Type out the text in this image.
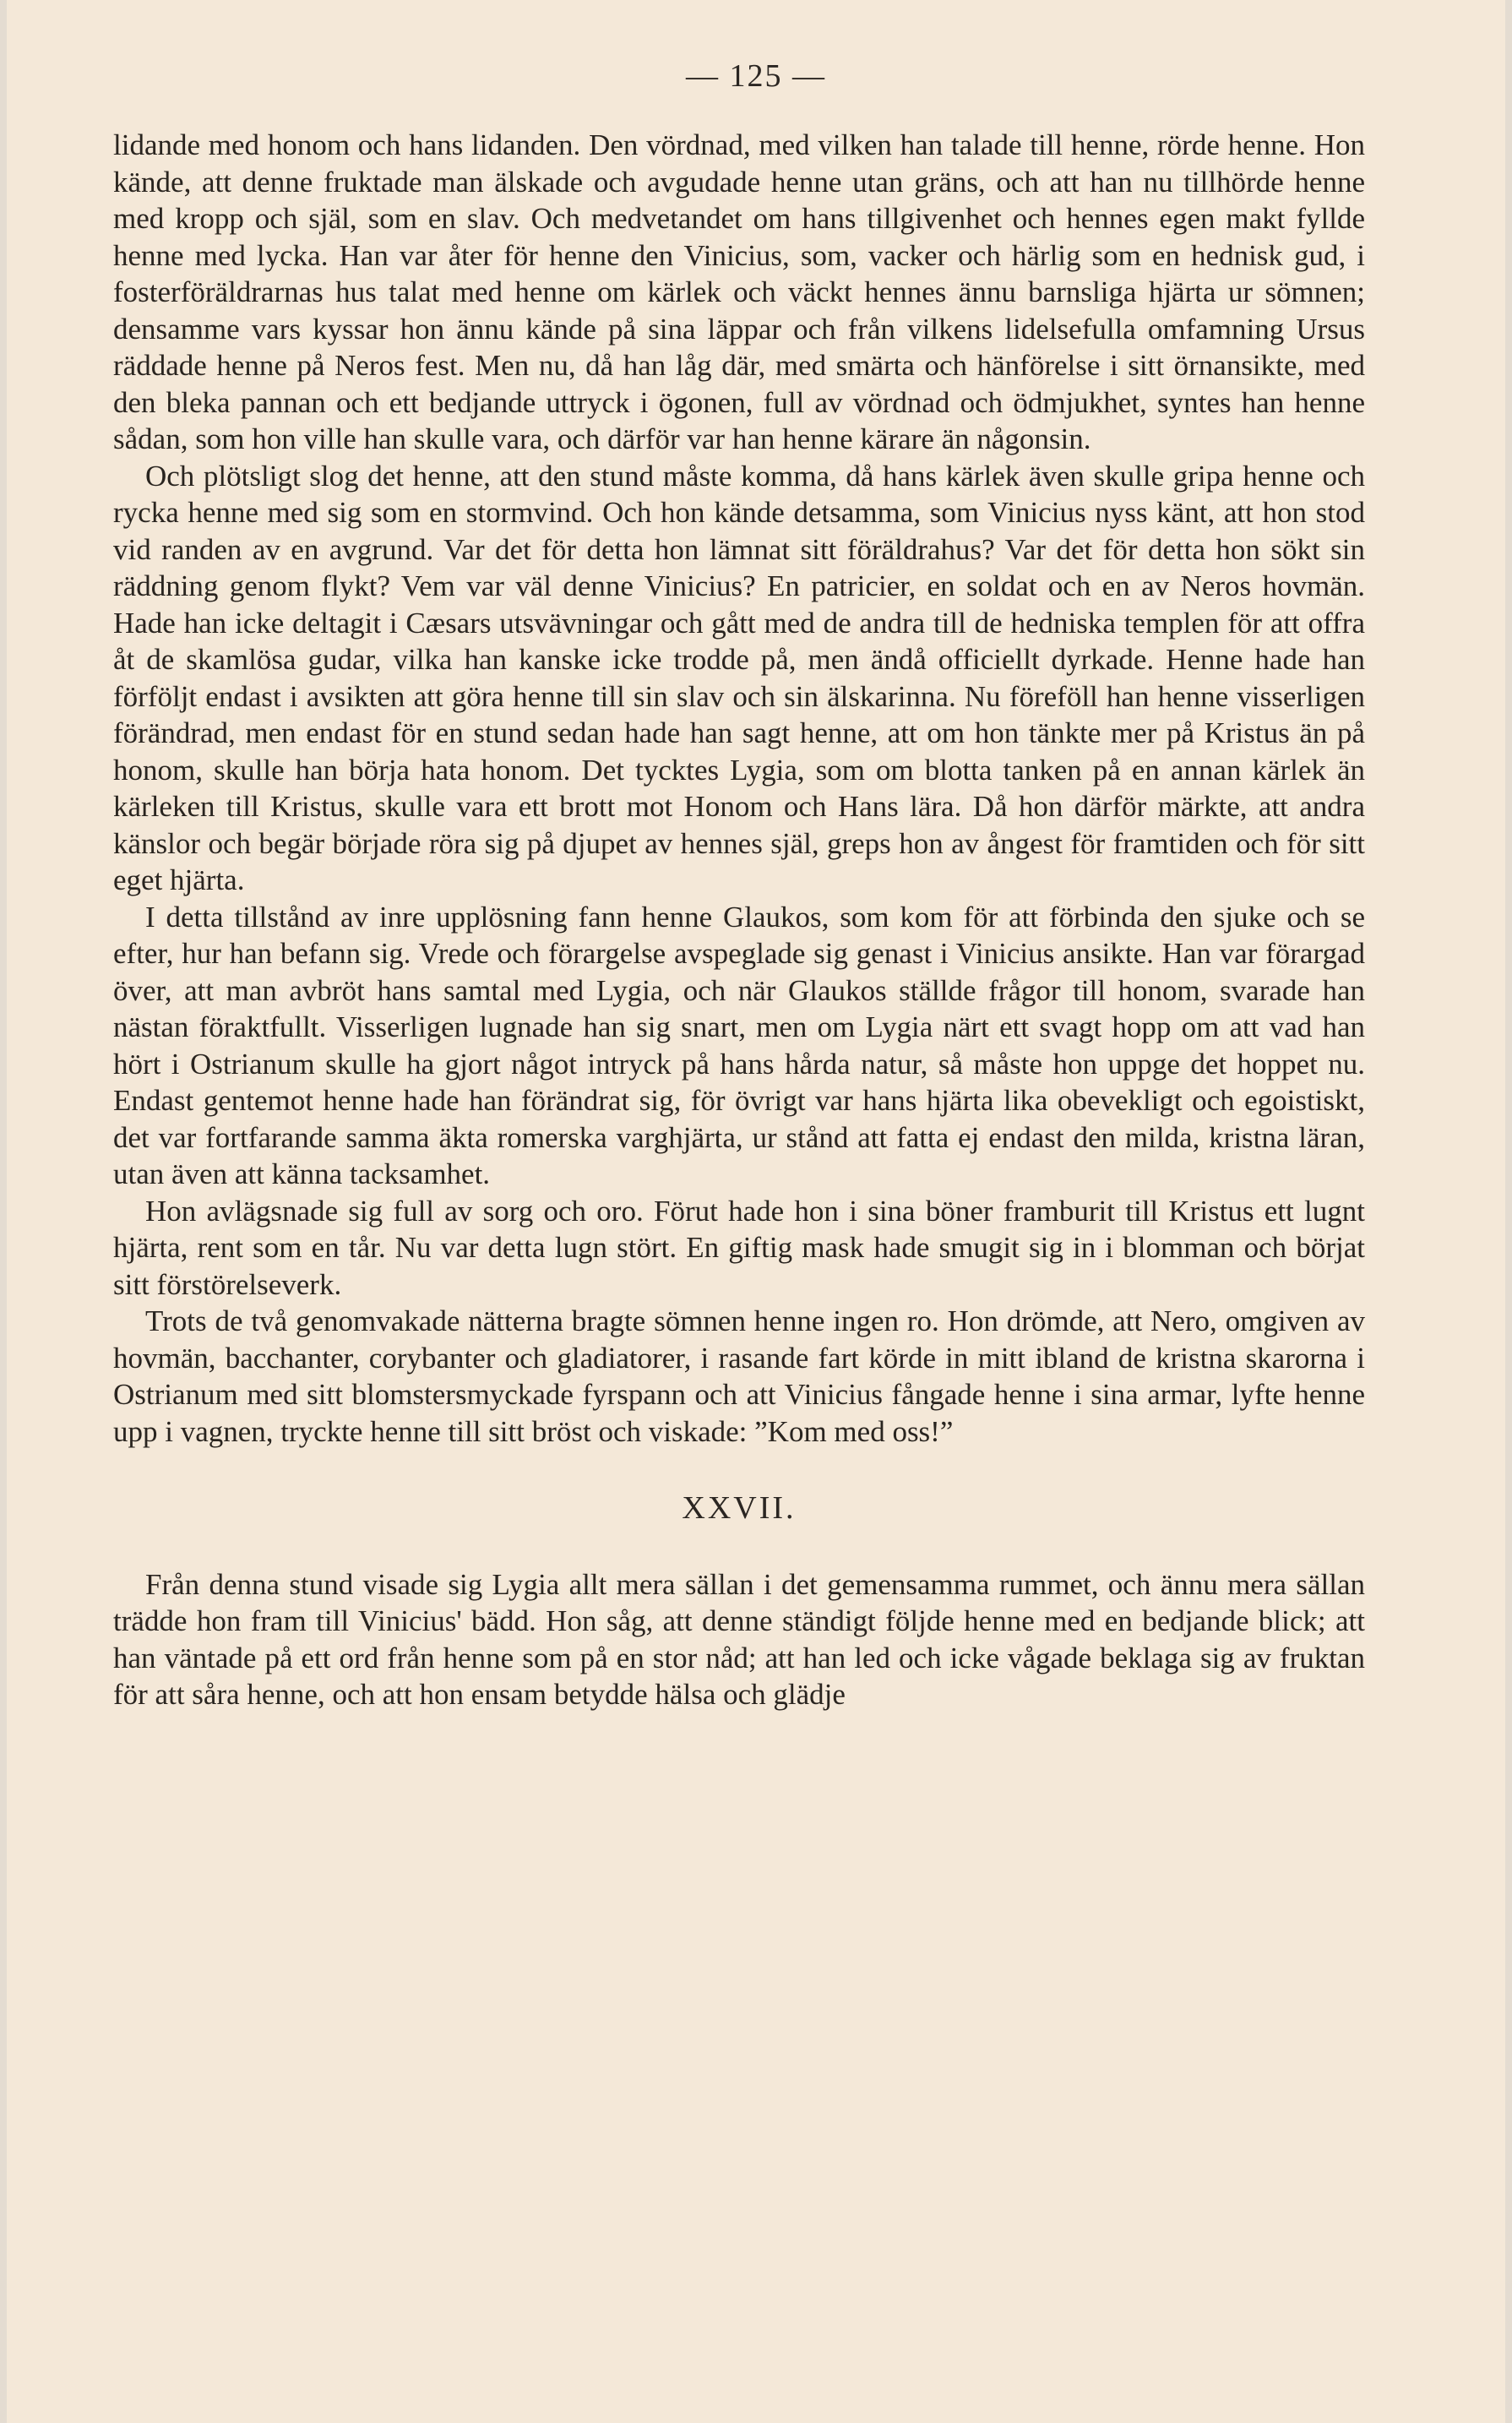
— 125 —

lidande med honom och hans lidanden. Den vördnad, med vilken han talade till henne, rörde henne. Hon kände, att denne fruktade man älskade och avgudade henne utan gräns, och att han nu tillhörde henne med kropp och själ, som en slav. Och medvetandet om hans tillgivenhet och hennes egen makt fyllde henne med lycka. Han var åter för henne den Vinicius, som, vacker och härlig som en hednisk gud, i fosterföräldrarnas hus talat med henne om kärlek och väckt hennes ännu barnsliga hjärta ur sömnen; densamme vars kyssar hon ännu kände på sina läppar och från vilkens lidelsefulla omfamning Ursus räddade henne på Neros fest. Men nu, då han låg där, med smärta och hänförelse i sitt örnansikte, med den bleka pannan och ett bedjande uttryck i ögonen, full av vördnad och ödmjukhet, syntes han henne sådan, som hon ville han skulle vara, och därför var han henne kärare än någonsin.

Och plötsligt slog det henne, att den stund måste komma, då hans kärlek även skulle gripa henne och rycka henne med sig som en stormvind. Och hon kände detsamma, som Vinicius nyss känt, att hon stod vid randen av en avgrund. Var det för detta hon lämnat sitt föräldrahus? Var det för detta hon sökt sin räddning genom flykt? Vem var väl denne Vinicius? En patricier, en soldat och en av Neros hovmän. Hade han icke deltagit i Cæsars utsvävningar och gått med de andra till de hedniska templen för att offra åt de skamlösa gudar, vilka han kanske icke trodde på, men ändå officiellt dyrkade. Henne hade han förföljt endast i avsikten att göra henne till sin slav och sin älskarinna. Nu föreföll han henne visserligen förändrad, men endast för en stund sedan hade han sagt henne, att om hon tänkte mer på Kristus än på honom, skulle han börja hata honom. Det tycktes Lygia, som om blotta tanken på en annan kärlek än kärleken till Kristus, skulle vara ett brott mot Honom och Hans lära. Då hon därför märkte, att andra känslor och begär började röra sig på djupet av hennes själ, greps hon av ångest för framtiden och för sitt eget hjärta.

I detta tillstånd av inre upplösning fann henne Glaukos, som kom för att förbinda den sjuke och se efter, hur han befann sig. Vrede och förargelse avspeglade sig genast i Vinicius ansikte. Han var förargad över, att man avbröt hans samtal med Lygia, och när Glaukos ställde frågor till honom, svarade han nästan föraktfullt. Visserligen lugnade han sig snart, men om Lygia närt ett svagt hopp om att vad han hört i Ostrianum skulle ha gjort något intryck på hans hårda natur, så måste hon uppge det hoppet nu. Endast gentemot henne hade han förändrat sig, för övrigt var hans hjärta lika obevekligt och egoistiskt, det var fortfarande samma äkta romerska varghjärta, ur stånd att fatta ej endast den milda, kristna läran, utan även att känna tacksamhet.

Hon avlägsnade sig full av sorg och oro. Förut hade hon i sina böner framburit till Kristus ett lugnt hjärta, rent som en tår. Nu var detta lugn stört. En giftig mask hade smugit sig in i blomman och börjat sitt förstörelseverk.

Trots de två genomvakade nätterna bragte sömnen henne ingen ro. Hon drömde, att Nero, omgiven av hovmän, bacchanter, corybanter och gladiatorer, i rasande fart körde in mitt ibland de kristna skarorna i Ostrianum med sitt blomstersmyckade fyrspann och att Vinicius fångade henne i sina armar, lyfte henne upp i vagnen, tryckte henne till sitt bröst och viskade: ”Kom med oss!”

XXVII.

Från denna stund visade sig Lygia allt mera sällan i det gemensamma rummet, och ännu mera sällan trädde hon fram till Vinicius' bädd. Hon såg, att denne ständigt följde henne med en bedjande blick; att han väntade på ett ord från henne som på en stor nåd; att han led och icke vågade beklaga sig av fruktan för att såra henne, och att hon ensam betydde hälsa och glädje
